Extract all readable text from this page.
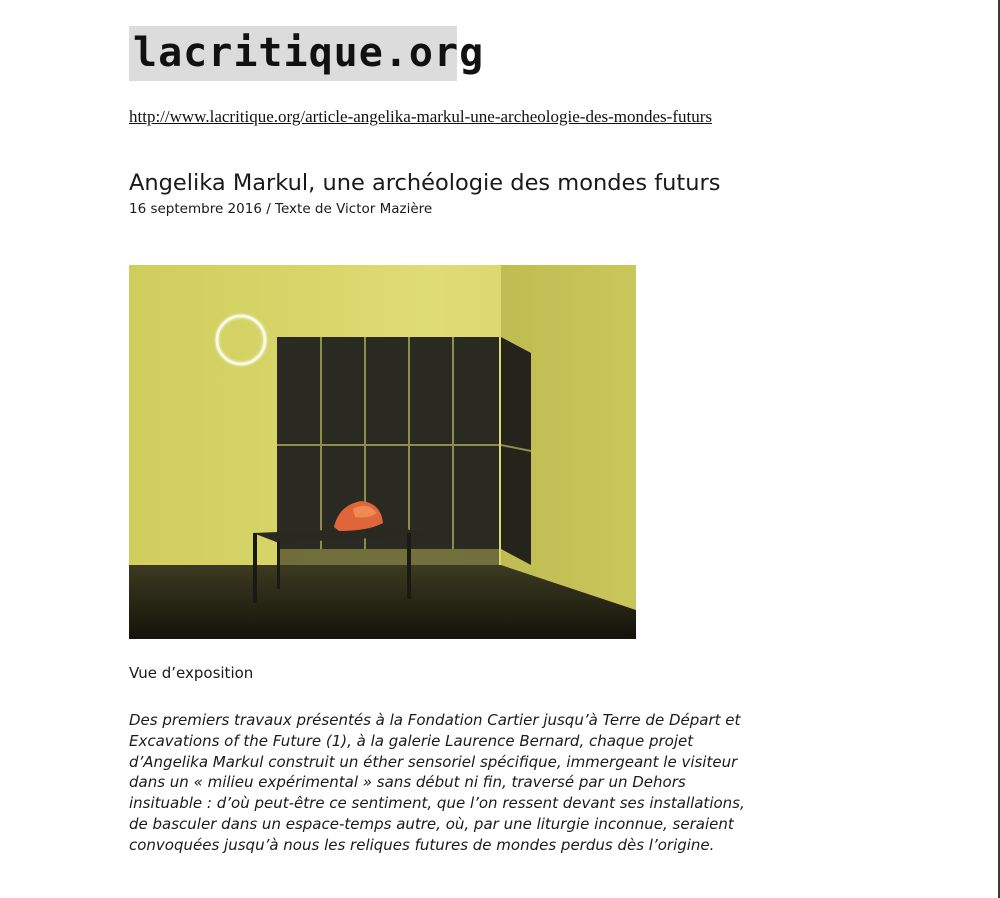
lacritique.org

http://www.lacritique.org/article-angelika-markul-une-archeologie-des-mondes-futurs

Angelika Markul, une archéologie des mondes futurs

16 septembre 2016 / Texte de Victor Mazière

Vue d’exposition

Des premiers travaux présentés à la Fondation Cartier jusqu’à Terre de Départ et
Excavations of the Future (1), à la galerie Laurence Bernard, chaque projet
d’Angelika Markul construit un éther sensoriel spécifique, immergeant le visiteur
dans un « milieu expérimental » sans début ni fin, traversé par un Dehors
insituable : d’où peut-être ce sentiment, que l’on ressent devant ses installations,
de basculer dans un espace-temps autre, où, par une liturgie inconnue, seraient
convoquées jusqu’à nous les reliques futures de mondes perdus dès l’origine.
